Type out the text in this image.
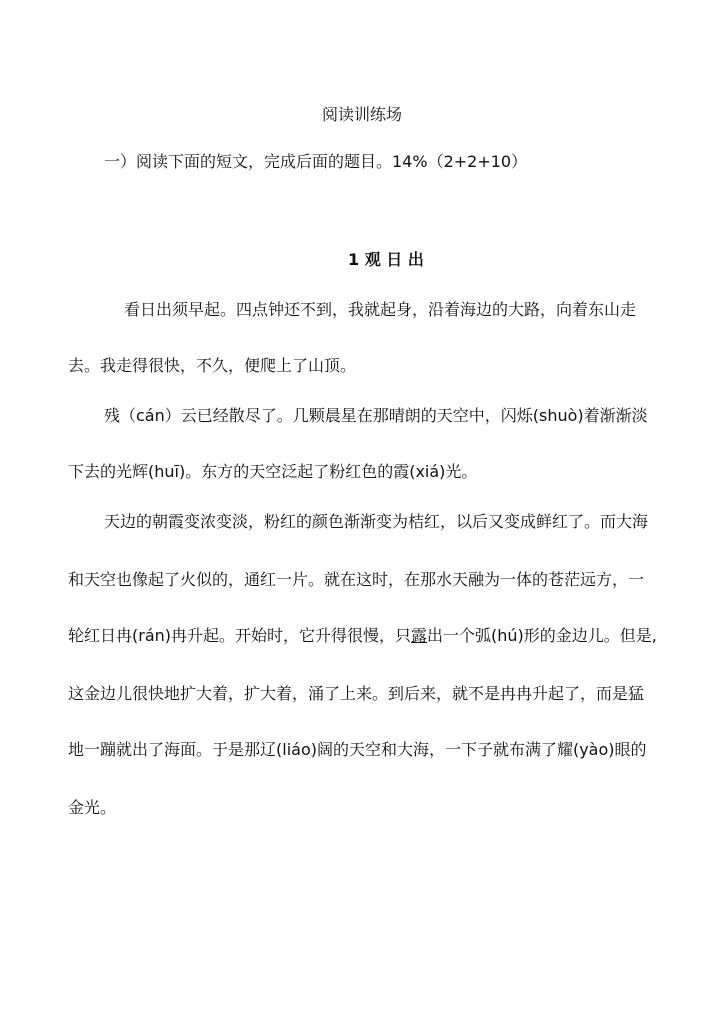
阅读训练场
一）阅读下面的短文，完成后面的题目。14%（2+2+10）
1 观 日 出
看日出须早起。四点钟还不到，我就起身，沿着海边的大路，向着东山走
去。我走得很快，不久，便爬上了山顶。
残（cán）云已经散尽了。几颗晨星在那晴朗的天空中，闪烁(shuò)着渐渐淡
下去的光辉(huī)。东方的天空泛起了粉红色的霞(xiá)光。
天边的朝霞变浓变淡，粉红的颜色渐渐变为桔红，以后又变成鲜红了。而大海
和天空也像起了火似的，通红一片。就在这时，在那水天融为一体的苍茫远方，一
轮红日冉(rán)冉升起。开始时，它升得很慢，只露出一个弧(hú)形的金边儿。但是,
这金边儿很快地扩大着，扩大着，涌了上来。到后来，就不是冉冉升起了，而是猛
地一蹦就出了海面。于是那辽(liáo)阔的天空和大海，一下子就布满了耀(yào)眼的
金光。
